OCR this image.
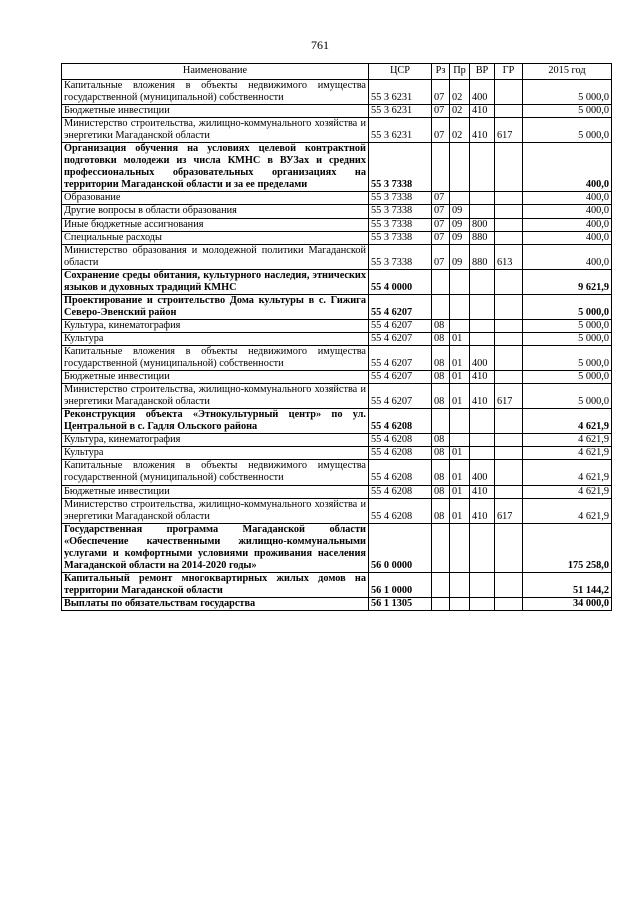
761
Наименование	ЦСР	Рз	Пр	ВР	ГР	2015 год
Капитальные вложения в объекты недвижимого имущества государственной (муниципальной) собственности	55 3 6231	07	02	400		5 000,0
Бюджетные инвестиции	55 3 6231	07	02	410		5 000,0
Министерство строительства, жилищно-коммунального хозяйства и энергетики Магаданской области	55 3 6231	07	02	410	617	5 000,0
Организация обучения на условиях целевой контрактной подготовки молодежи из числа КМНС в ВУЗах и средних профессиональных образовательных организациях на территории Магаданской области и за ее пределами	55 3 7338					400,0
Образование	55 3 7338	07				400,0
Другие вопросы в области образования	55 3 7338	07	09			400,0
Иные бюджетные ассигнования	55 3 7338	07	09	800		400,0
Специальные расходы	55 3 7338	07	09	880		400,0
Министерство образования и молодежной политики Магаданской области	55 3 7338	07	09	880	613	400,0
Сохранение среды обитания, культурного наследия, этнических языков и духовных традиций КМНС	55 4 0000					9 621,9
Проектирование и строительство Дома культуры в с. Гижига Северо-Эвенский район	55 4 6207					5 000,0
Культура, кинематография	55 4 6207	08				5 000,0
Культура	55 4 6207	08	01			5 000,0
Капитальные вложения в объекты недвижимого имущества государственной (муниципальной) собственности	55 4 6207	08	01	400		5 000,0
Бюджетные инвестиции	55 4 6207	08	01	410		5 000,0
Министерство строительства, жилищно-коммунального хозяйства и энергетики Магаданской области	55 4 6207	08	01	410	617	5 000,0
Реконструкция объекта «Этнокультурный центр» по ул. Центральной в с. Гадля Ольского района	55 4 6208					4 621,9
Культура, кинематография	55 4 6208	08				4 621,9
Культура	55 4 6208	08	01			4 621,9
Капитальные вложения в объекты недвижимого имущества государственной (муниципальной) собственности	55 4 6208	08	01	400		4 621,9
Бюджетные инвестиции	55 4 6208	08	01	410		4 621,9
Министерство строительства, жилищно-коммунального хозяйства и энергетики Магаданской области	55 4 6208	08	01	410	617	4 621,9
Государственная программа Магаданской области «Обеспечение качественными жилищно-коммунальными услугами и комфортными условиями проживания населения Магаданской области на 2014-2020 годы»	56 0 0000					175 258,0
Капитальный ремонт многоквартирных жилых домов на территории Магаданской области	56 1 0000					51 144,2
Выплаты по обязательствам государства	56 1 1305					34 000,0
